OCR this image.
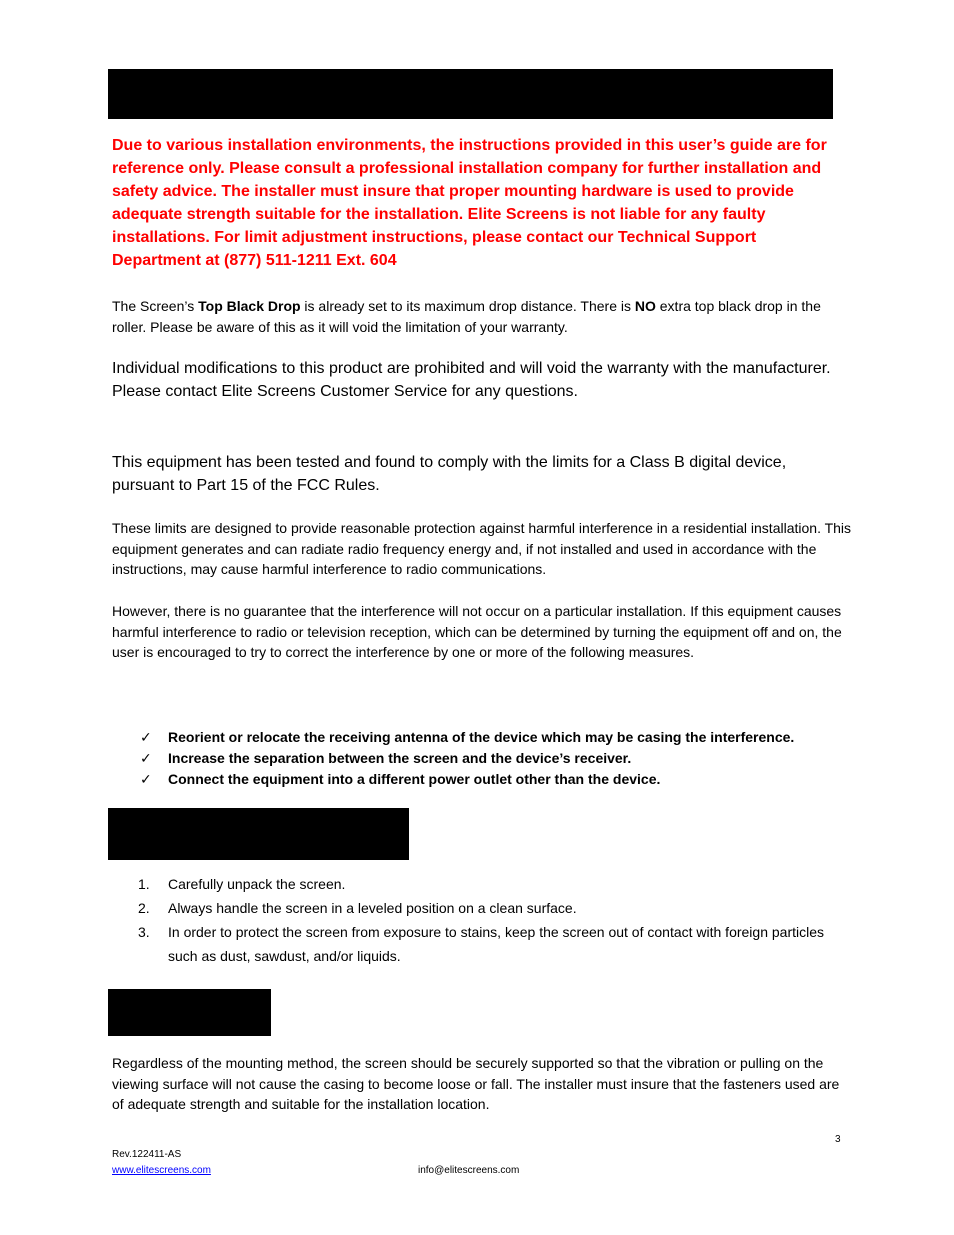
Due to various installation environments, the instructions provided in this user’s guide are for reference only. Please consult a professional installation company for further installation and safety advice. The installer must insure that proper mounting hardware is used to provide adequate strength suitable for the installation. Elite Screens is not liable for any faulty installations. For limit adjustment instructions, please contact our Technical Support Department at (877) 511-1211 Ext. 604

The Screen’s Top Black Drop is already set to its maximum drop distance. There is NO extra top black drop in the roller. Please be aware of this as it will void the limitation of your warranty.

Individual modifications to this product are prohibited and will void the warranty with the manufacturer. Please contact Elite Screens Customer Service for any questions.

This equipment has been tested and found to comply with the limits for a Class B digital device, pursuant to Part 15 of the FCC Rules.

These limits are designed to provide reasonable protection against harmful interference in a residential installation. This equipment generates and can radiate radio frequency energy and, if not installed and used in accordance with the instructions, may cause harmful interference to radio communications.

However, there is no guarantee that the interference will not occur on a particular installation. If this equipment causes harmful interference to radio or television reception, which can be determined by turning the equipment off and on, the user is encouraged to try to correct the interference by one or more of the following measures.

✓ Reorient or relocate the receiving antenna of the device which may be casing the interference.
✓ Increase the separation between the screen and the device’s receiver.
✓ Connect the equipment into a different power outlet other than the device.
1.	Carefully unpack the screen.
2.	Always handle the screen in a leveled position on a clean surface.
3.	In order to protect the screen from exposure to stains, keep the screen out of contact with foreign particles such as dust, sawdust, and/or liquids.

Regardless of the mounting method, the screen should be securely supported so that the vibration or pulling on the viewing surface will not cause the casing to become loose or fall. The installer must insure that the fasteners used are of adequate strength and suitable for the installation location.

3
Rev.122411-AS
www.elitescreens.com	info@elitescreens.com
